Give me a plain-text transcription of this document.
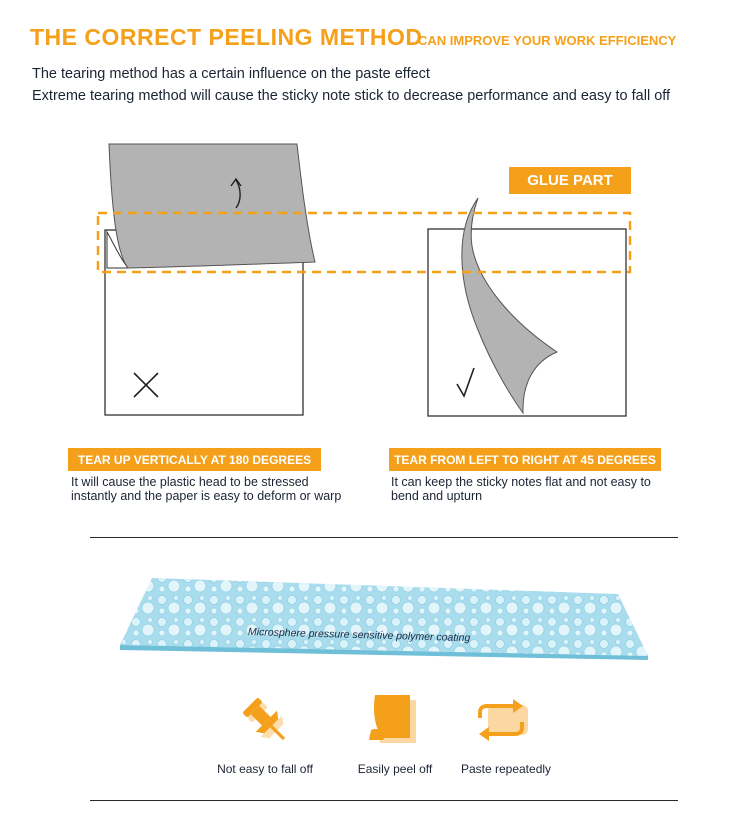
THE CORRECT PEELING METHOD
CAN IMPROVE YOUR WORK EFFICIENCY
The tearing method has a certain influence on the paste effect
Extreme tearing method will cause the sticky note stick to decrease performance and easy to fall off
GLUE PART
TEAR UP VERTICALLY AT 180 DEGREES
It will cause the plastic head to be stressed instantly and the paper is easy to deform or warp
TEAR FROM LEFT TO RIGHT AT 45 DEGREES
It can keep the sticky notes flat and not easy to bend and upturn
Microsphere pressure sensitive polymer coating
Not easy to fall off	Easily peel off	Paste repeatedly
